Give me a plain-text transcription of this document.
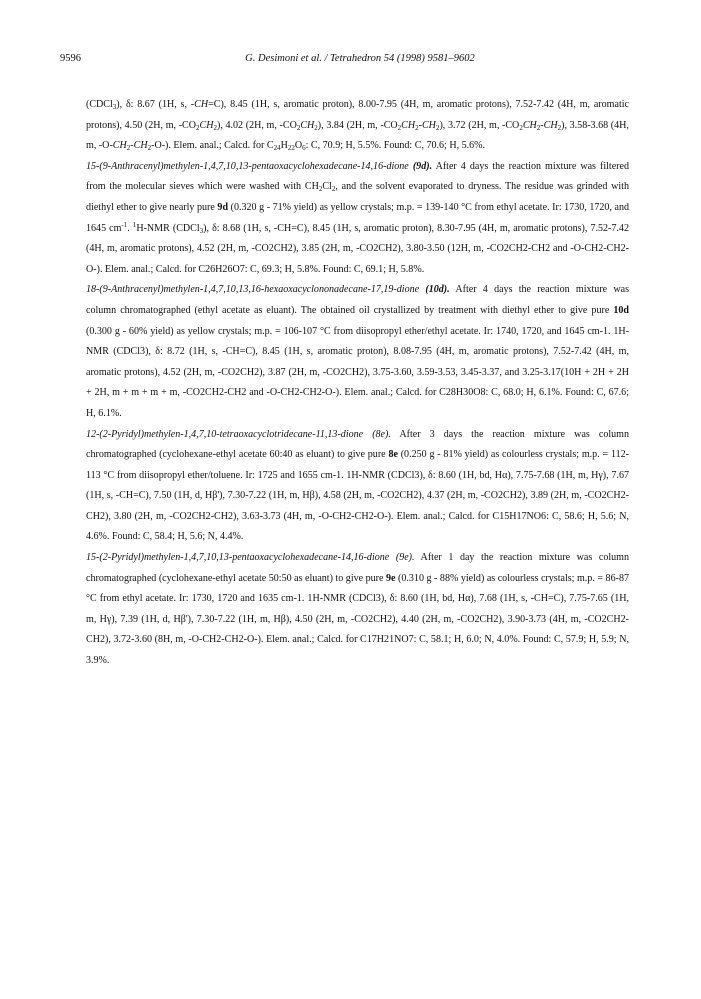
9596	G. Desimoni et al. / Tetrahedron 54 (1998) 9581–9602

(CDCl$_3$), δ: 8.67 (1H, s, -CH=C), 8.45 (1H, s, aromatic proton), 8.00-7.95 (4H, m, aromatic protons), 7.52-7.42 (4H, m, aromatic protons), 4.50 (2H, m, $-CO_2CH_2$), 4.02 (2H, m, $-CO_2CH_2$), 3.84 (2H, m, $-CO_2CH_2-CH_2$), 3.72 (2H, m, $-CO_2CH_2-CH_2$), 3.58-3.68 (4H, m, $-O-CH_2-CH_2-O-$). Elem. anal.; Calcd. for $C_{24}H_{22}O_6$: C, 70.9; H, 5.5%. Found: C, 70.6; H, 5.6%.

15-(9-Anthracenyl)methylen-1,4,7,10,13-pentaoxacyclohexadecane-14,16-dione (9d). After 4 days the reaction mixture was filtered from the molecular sieves which were washed with $CH_2Cl_2$, and the solvent evaporated to dryness. The residue was grinded with diethyl ether to give nearly pure 9d (0.320 g - 71% yield) as yellow crystals; m.p. = 139-140 °C from ethyl acetate. Ir: 1730, 1720, and 1645 $cm^{-1}$. $^1$H-NMR (CDCl$_3$), δ: 8.68 (1H, s, -CH=C), 8.45 (1H, s, aromatic proton), 8.30-7.95 (4H, m, aromatic protons), 7.52-7.42 (4H, m, aromatic protons), 4.52 (2H, m, -CO2CH2), 3.85 (2H, m, -CO2CH2), 3.80-3.50 (12H, m, -CO2CH2-CH2 and -O-CH2-CH2-O-). Elem. anal.; Calcd. for C26H26O7: C, 69.3; H, 5.8%. Found: C, 69.1; H, 5.8%.

18-(9-Anthracenyl)methylen-1,4,7,10,13,16-hexaoxacyclononadecane-17,19-dione (10d). After 4 days the reaction mixture was column chromatographed (ethyl acetate as eluant). The obtained oil crystallized by treatment with diethyl ether to give pure 10d (0.300 g - 60% yield) as yellow crystals; m.p. = 106-107 °C from diisopropyl ether/ethyl acetate. Ir: 1740, 1720, and 1645 cm-1. 1H-NMR (CDCl3), δ: 8.72 (1H, s, -CH=C), 8.45 (1H, s, aromatic proton), 8.08-7.95 (4H, m, aromatic protons), 7.52-7.42 (4H, m, aromatic protons), 4.52 (2H, m, -CO2CH2), 3.87 (2H, m, -CO2CH2), 3.75-3.60, 3.59-3.53, 3.45-3.37, and 3.25-3.17(10H + 2H + 2H + 2H, m + m + m + m, -CO2CH2-CH2 and -O-CH2-CH2-O-). Elem. anal.; Calcd. for C28H30O8: C, 68.0; H, 6.1%. Found: C, 67.6; H, 6.1%.

12-(2-Pyridyl)methylen-1,4,7,10-tetraoxacyclotridecane-11,13-dione (8e). After 3 days the reaction mixture was column chromatographed (cyclohexane-ethyl acetate 60:40 as eluant) to give pure 8e (0.250 g - 81% yield) as colourless crystals; m.p. = 112-113 °C from diisopropyl ether/toluene. Ir: 1725 and 1655 cm-1. 1H-NMR (CDCl3), δ: 8.60 (1H, bd, Hα), 7.75-7.68 (1H, m, Hγ), 7.67 (1H, s, -CH=C), 7.50 (1H, d, Hβ'), 7.30-7.22 (1H, m, Hβ), 4.58 (2H, m, -CO2CH2), 4.37 (2H, m, -CO2CH2), 3.89 (2H, m, -CO2CH2-CH2), 3.80 (2H, m, -CO2CH2-CH2), 3.63-3.73 (4H, m, -O-CH2-CH2-O-). Elem. anal.; Calcd. for C15H17NO6: C, 58.6; H, 5.6; N, 4.6%. Found: C, 58.4; H, 5.6; N, 4.4%.

15-(2-Pyridyl)methylen-1,4,7,10,13-pentaoxacyclohexadecane-14,16-dione (9e). After 1 day the reaction mixture was column chromatographed (cyclohexane-ethyl acetate 50:50 as eluant) to give pure 9e (0.310 g - 88% yield) as colourless crystals; m.p. = 86-87 °C from ethyl acetate. Ir: 1730, 1720 and 1635 cm-1. 1H-NMR (CDCl3), δ: 8.60 (1H, bd, Hα), 7.68 (1H, s, -CH=C), 7.75-7.65 (1H, m, Hγ), 7.39 (1H, d, Hβ'), 7.30-7.22 (1H, m, Hβ), 4.50 (2H, m, -CO2CH2), 4.40 (2H, m, -CO2CH2), 3.90-3.73 (4H, m, -CO2CH2-CH2), 3.72-3.60 (8H, m, -O-CH2-CH2-O-). Elem. anal.; Calcd. for C17H21NO7: C, 58.1; H, 6.0; N, 4.0%. Found: C, 57.9; H, 5.9; N, 3.9%.
